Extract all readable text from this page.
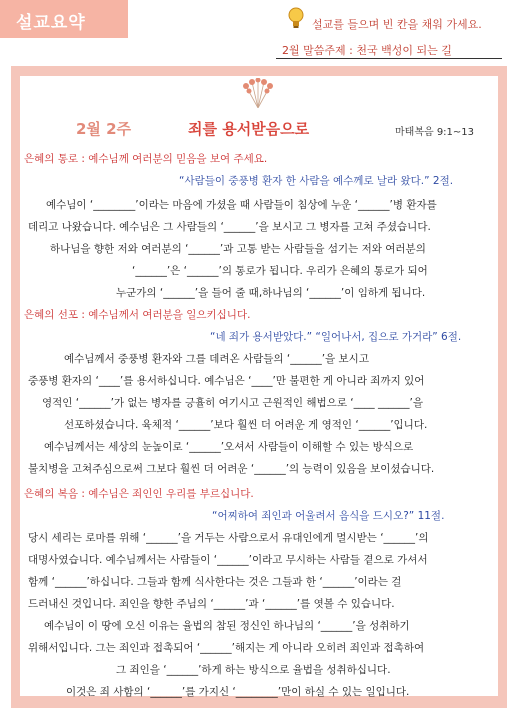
설교요약	설교를 들으며 빈 칸을 채워 가세요.
2월 말씀주제 : 천국 백성이 되는 길
2월 2주	죄를 용서받음으로	마태복음 9:1~13
은혜의 통로 : 예수님께 여러분의 믿음을 보여 주세요.
“사람들이 중풍병 환자 한 사람을 예수께로 날라 왔다.” 2절.
예수님이 ‘________’이라는 마음에 가셨을 때 사람들이 침상에 누운 ‘______’병 환자를
데리고 나왔습니다. 예수님은 그 사람들의 ‘______’을 보시고 그 병자를 고쳐 주셨습니다.
하나님을 향한 저와 여러분의 ‘______’과 고통 받는 사람들을 섬기는 저와 여러분의
‘______’은 ‘______’의 통로가 됩니다. 우리가 은혜의 통로가 되어
누군가의 ‘______’을 들어 줄 때,하나님의 ‘______’이 임하게 됩니다.
은혜의 선포 : 예수님께서 여러분을 일으키십니다.
“네 죄가 용서받았다.” “일어나서, 집으로 가거라” 6절.
예수님께서 중풍병 환자와 그를 데려온 사람들의 ‘______’을 보시고
중풍병 환자의 ‘____’를 용서하십니다. 예수님은 ‘____’만 불편한 게 아니라 죄까지 있어
영적인 ‘______’가 없는 병자를 긍휼히 여기시고 근원적인 해법으로 ‘____ ______’을
선포하셨습니다. 육체적 ‘______’보다 훨씬 더 어려운 게 영적인 ‘______’입니다.
예수님께서는 세상의 눈높이로 ‘______’오셔서 사람들이 이해할 수 있는 방식으로
불치병을 고쳐주심으로써 그보다 훨씬 더 어려운 ‘______’의 능력이 있음을 보이셨습니다.
은혜의 복음 : 예수님은 죄인인 우리를 부르십니다.
“어찌하여 죄인과 어울려서 음식을 드시오?” 11절.
당시 세리는 로마를 위해 ‘______’을 거두는 사람으로서 유대인에게 멸시받는 ‘______’의
대명사였습니다. 예수님께서는 사람들이 ‘______’이라고 무시하는 사람들 곁으로 가셔서
함께 ‘______’하십니다. 그들과 함께 식사한다는 것은 그들과 한 ‘______’이라는 걸
드러내신 것입니다. 죄인을 향한 주님의 ‘______’과 ‘______’를 엿볼 수 있습니다.
예수님이 이 땅에 오신 이유는 율법의 참된 정신인 하나님의 ‘______’을 성취하기
위해서입니다. 그는 죄인과 접촉되어 ‘______’해지는 게 아니라 오히려 죄인과 접촉하여
그 죄인을 ‘______’하게 하는 방식으로 율법을 성취하십니다.
이것은 죄 사함의 ‘______’를 가지신 ‘________’만이 하실 수 있는 일입니다.
